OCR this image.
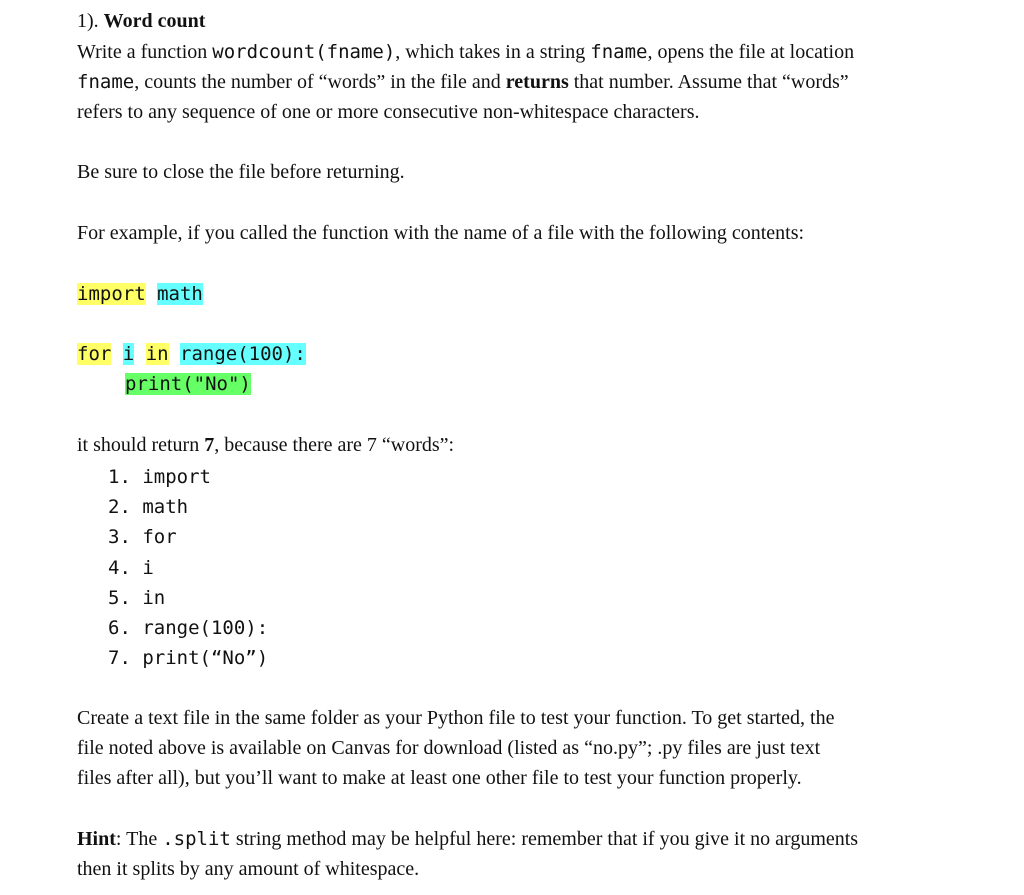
1). Word count
Write a function wordcount(fname), which takes in a string fname, opens the file at location
fname, counts the number of “words” in the file and returns that number. Assume that “words”
refers to any sequence of one or more consecutive non-whitespace characters.
Be sure to close the file before returning.
For example, if you called the function with the name of a file with the following contents:
import math
for i in range(100):
print("No")
it should return 7, because there are 7 “words”:
1. import
2. math
3. for
4. i
5. in
6. range(100):
7. print(“No”)
Create a text file in the same folder as your Python file to test your function. To get started, the
file noted above is available on Canvas for download (listed as “no.py”; .py files are just text
files after all), but you’ll want to make at least one other file to test your function properly.
Hint: The .split string method may be helpful here: remember that if you give it no arguments
then it splits by any amount of whitespace.
